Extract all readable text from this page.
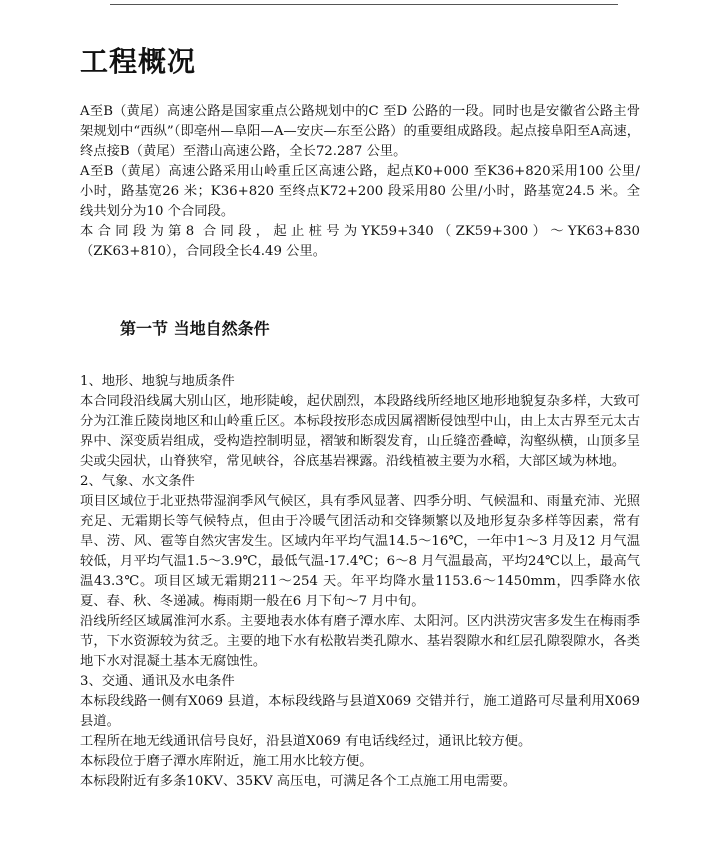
工程概况

A至B（黄尾）高速公路是国家重点公路规划中的C 至D 公路的一段。同时也是安徽省公路主骨架规划中“西纵”（即亳州—阜阳—A—安庆—东至公路）的重要组成路段。起点接阜阳至A高速，终点接B（黄尾）至潜山高速公路，全长72.287 公里。

A至B（黄尾）高速公路采用山岭重丘区高速公路，起点K0+000 至K36+820采用100 公里/小时，路基宽26 米；K36+820 至终点K72+200 段采用80 公里/小时，路基宽24.5 米。全线共划分为10 个合同段。

本合同段为第8 合同段，起止桩号为YK59+340（ZK59+300）～YK63+830（ZK63+810），合同段全长4.49 公里。

第一节 当地自然条件

1、地形、地貌与地质条件

本合同段沿线属大别山区，地形陡峻，起伏剧烈，本段路线所经地区地形地貌复杂多样，大致可分为江淮丘陵岗地区和山岭重丘区。本标段按形态成因属褶断侵蚀型中山，由上太古界至元太古界中、深变质岩组成，受构造控制明显，褶皱和断裂发育，山丘缝峦叠嶂，沟壑纵横，山顶多呈尖或尖园状，山脊狭窄，常见峡谷，谷底基岩裸露。沿线植被主要为水稻，大部区域为林地。

2、气象、水文条件

项目区域位于北亚热带湿润季风气候区，具有季风显著、四季分明、气候温和、雨量充沛、光照充足、无霜期长等气候特点，但由于冷暖气团活动和交锋频繁以及地形复杂多样等因素，常有旱、涝、风、雹等自然灾害发生。区域内年平均气温14.5～16℃，一年中1～3 月及12 月气温较低，月平均气温1.5～3.9℃，最低气温-17.4℃；6～8 月气温最高，平均24℃以上，最高气温43.3℃。项目区域无霜期211～254 天。年平均降水量1153.6～1450mm，四季降水依夏、春、秋、冬递减。梅雨期一般在6 月下旬～7 月中旬。

沿线所经区域属淮河水系。主要地表水体有磨子潭水库、太阳河。区内洪涝灾害多发生在梅雨季节，下水资源较为贫乏。主要的地下水有松散岩类孔隙水、基岩裂隙水和红层孔隙裂隙水，各类地下水对混凝土基本无腐蚀性。

3、交通、通讯及水电条件

本标段线路一侧有X069 县道，本标段线路与县道X069 交错并行，施工道路可尽量利用X069 县道。

工程所在地无线通讯信号良好，沿县道X069 有电话线经过，通讯比较方便。

本标段位于磨子潭水库附近，施工用水比较方便。

本标段附近有多条10KV、35KV 高压电，可满足各个工点施工用电需要。
